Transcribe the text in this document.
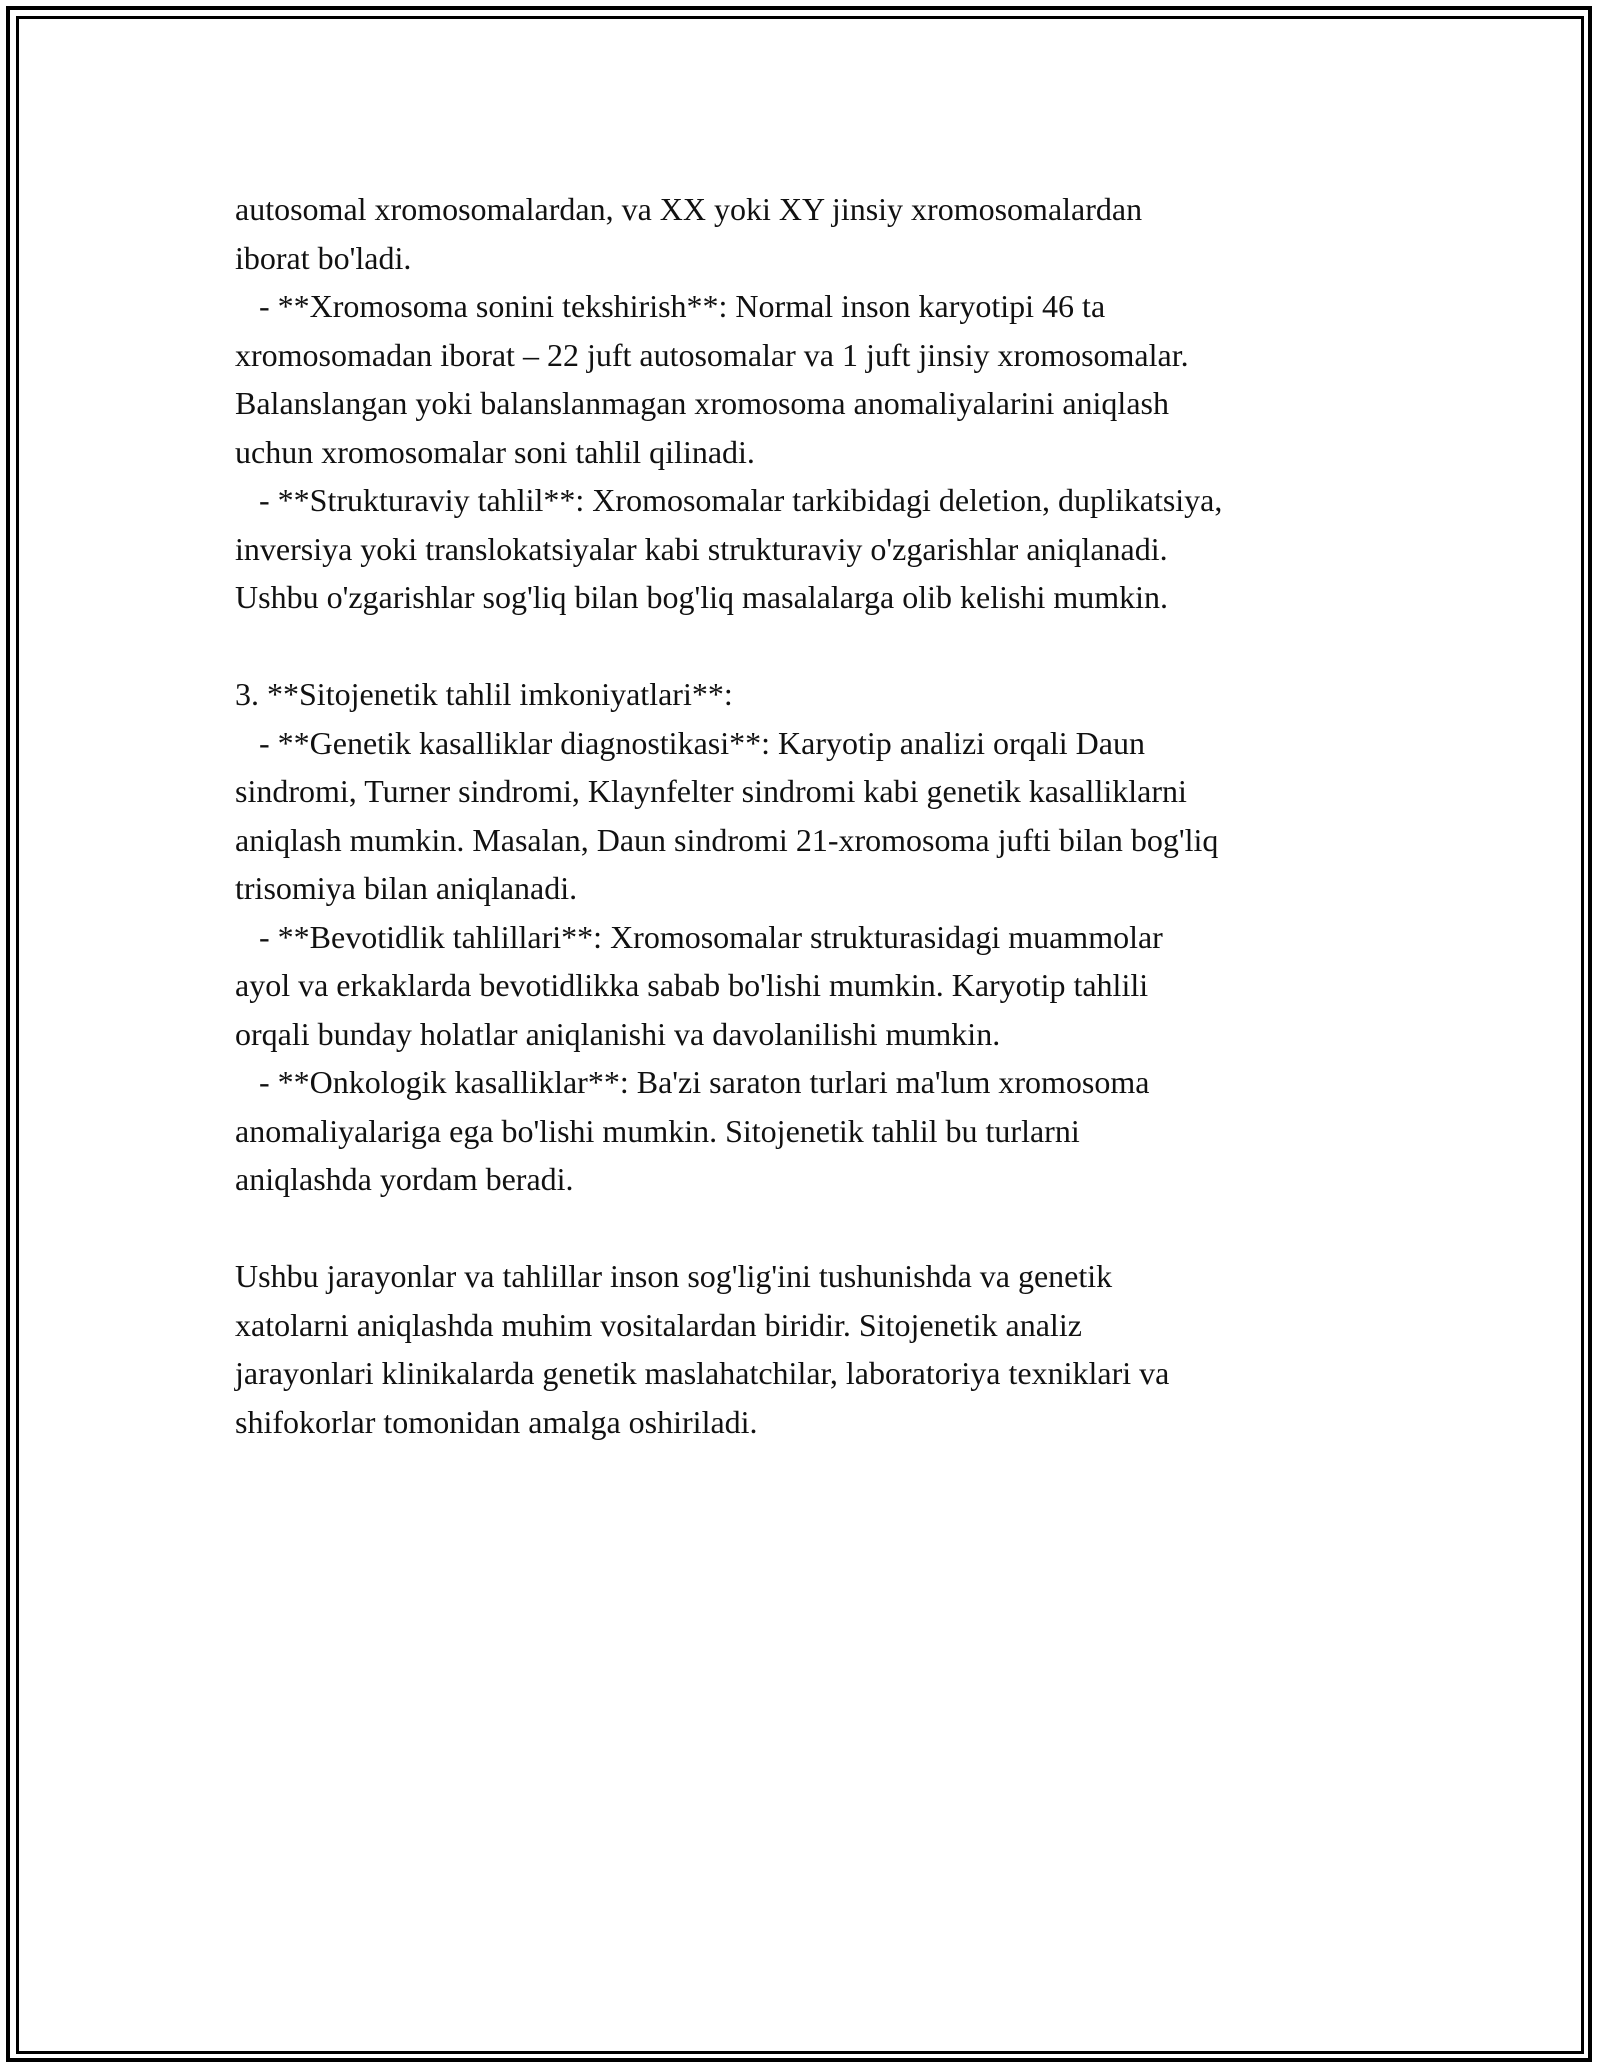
autosomal xromosomalardan, va XX yoki XY jinsiy xromosomalardan
iborat bo'ladi.
- **Xromosoma sonini tekshirish**: Normal inson karyotipi 46 ta
xromosomadan iborat – 22 juft autosomalar va 1 juft jinsiy xromosomalar.
Balanslangan yoki balanslanmagan xromosoma anomaliyalarini aniqlash
uchun xromosomalar soni tahlil qilinadi.
- **Strukturaviy tahlil**: Xromosomalar tarkibidagi deletion, duplikatsiya,
inversiya yoki translokatsiyalar kabi strukturaviy o'zgarishlar aniqlanadi.
Ushbu o'zgarishlar sog'liq bilan bog'liq masalalarga olib kelishi mumkin.
3. **Sitojenetik tahlil imkoniyatlari**:
- **Genetik kasalliklar diagnostikasi**: Karyotip analizi orqali Daun
sindromi, Turner sindromi, Klaynfelter sindromi kabi genetik kasalliklarni
aniqlash mumkin. Masalan, Daun sindromi 21-xromosoma jufti bilan bog'liq
trisomiya bilan aniqlanadi.
- **Bevotidlik tahlillari**: Xromosomalar strukturasidagi muammolar
ayol va erkaklarda bevotidlikka sabab bo'lishi mumkin. Karyotip tahlili
orqali bunday holatlar aniqlanishi va davolanilishi mumkin.
- **Onkologik kasalliklar**: Ba'zi saraton turlari ma'lum xromosoma
anomaliyalariga ega bo'lishi mumkin. Sitojenetik tahlil bu turlarni
aniqlashda yordam beradi.
Ushbu jarayonlar va tahlillar inson sog'lig'ini tushunishda va genetik
xatolarni aniqlashda muhim vositalardan biridir. Sitojenetik analiz
jarayonlari klinikalarda genetik maslahatchilar, laboratoriya texniklari va
shifokorlar tomonidan amalga oshiriladi.
